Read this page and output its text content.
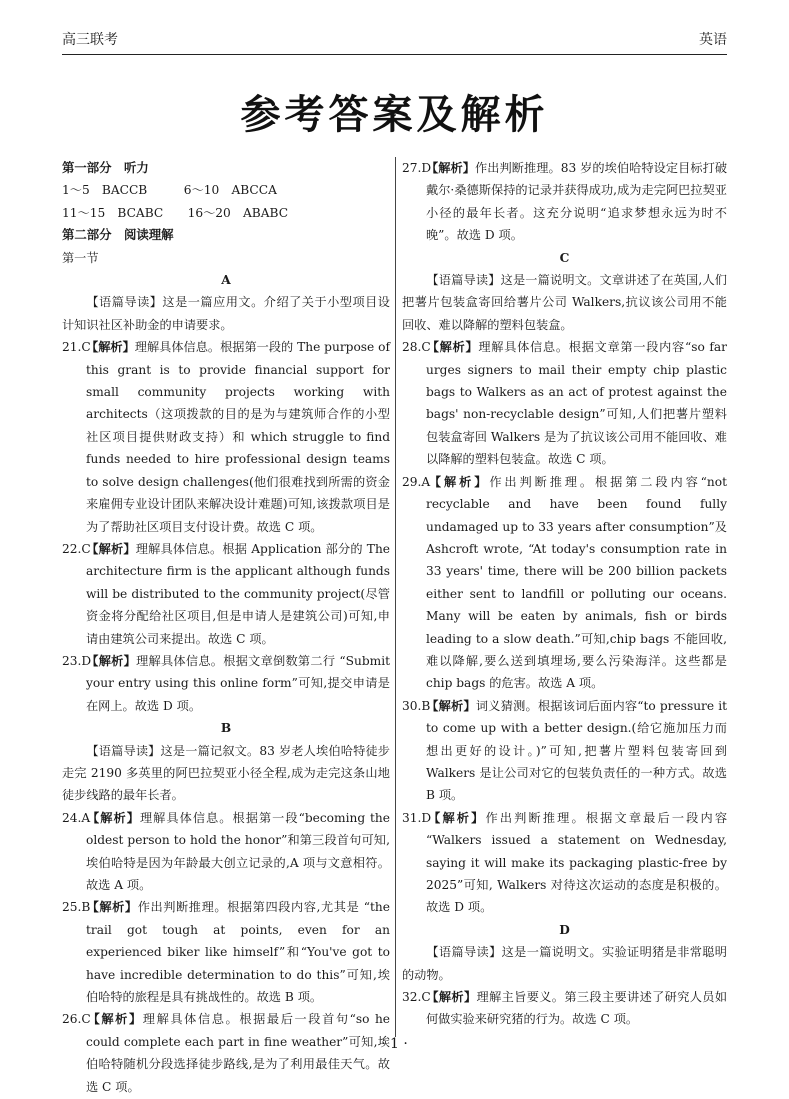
高三联考	英语
参考答案及解析

第一部分　听力

1～5　BACCB　　　6～10　ABCCA

11～15　BCABC　　16～20　ABABC

第二部分　阅读理解

第一节

A

【语篇导读】这是一篇应用文。介绍了关于小型项目设计知识社区补助金的申请要求。

21.C【解析】理解具体信息。根据第一段的 The purpose of this grant is to provide financial support for small community projects working with architects（这项拨款的目的是为与建筑师合作的小型社区项目提供财政支持）和 which struggle to find funds needed to hire professional design teams to solve design challenges(他们很难找到所需的资金来雇佣专业设计团队来解决设计难题)可知,该拨款项目是为了帮助社区项目支付设计费。故选 C 项。

22.C【解析】理解具体信息。根据 Application 部分的 The architecture firm is the applicant although funds will be distributed to the community project(尽管资金将分配给社区项目,但是申请人是建筑公司)可知,申请由建筑公司来提出。故选 C 项。

23.D【解析】理解具体信息。根据文章倒数第二行 “Submit your entry using this online form”可知,提交申请是在网上。故选 D 项。

B

【语篇导读】这是一篇记叙文。83 岁老人埃伯哈特徒步走完 2190 多英里的阿巴拉契亚小径全程,成为走完这条山地徒步线路的最年长者。

24.A【解析】理解具体信息。根据第一段“becoming the oldest person to hold the honor”和第三段首句可知,埃伯哈特是因为年龄最大创立记录的,A 项与文意相符。故选 A 项。

25.B【解析】作出判断推理。根据第四段内容,尤其是 “the trail got tough at points, even for an experienced biker like himself”和“You've got to have incredible determination to do this”可知,埃伯哈特的旅程是具有挑战性的。故选 B 项。

26.C【解析】理解具体信息。根据最后一段首句“so he could complete each part in fine weather”可知,埃伯哈特随机分段选择徒步路线,是为了利用最佳天气。故选 C 项。

27.D【解析】作出判断推理。83 岁的埃伯哈特设定目标打破戴尔·桑德斯保持的记录并获得成功,成为走完阿巴拉契亚小径的最年长者。这充分说明“追求梦想永远为时不晚”。故选 D 项。

C

【语篇导读】这是一篇说明文。文章讲述了在英国,人们把薯片包装盒寄回给薯片公司 Walkers,抗议该公司用不能回收、难以降解的塑料包装盒。

28.C【解析】理解具体信息。根据文章第一段内容“so far urges signers to mail their empty chip plastic bags to Walkers as an act of protest against the bags' non-recyclable design”可知,人们把薯片塑料包装盒寄回 Walkers 是为了抗议该公司用不能回收、难以降解的塑料包装盒。故选 C 项。

29.A【解析】作出判断推理。根据第二段内容“not recyclable and have been found fully undamaged up to 33 years after consumption”及 Ashcroft wrote, “At today's consumption rate in 33 years' time, there will be 200 billion packets either sent to landfill or polluting our oceans. Many will be eaten by animals, fish or birds leading to a slow death.”可知,chip bags 不能回收,难以降解,要么送到填埋场,要么污染海洋。这些都是 chip bags 的危害。故选 A 项。

30.B【解析】词义猜测。根据该词后面内容“to pressure it to come up with a better design.(给它施加压力而想出更好的设计。)”可知,把薯片塑料包装寄回到 Walkers 是让公司对它的包装负责任的一种方式。故选 B 项。

31.D【解析】作出判断推理。根据文章最后一段内容 “Walkers issued a statement on Wednesday, saying it will make its packaging plastic-free by 2025”可知, Walkers 对待这次运动的态度是积极的。故选 D 项。

D

【语篇导读】这是一篇说明文。实验证明猪是非常聪明的动物。

32.C【解析】理解主旨要义。第三段主要讲述了研究人员如何做实验来研究猪的行为。故选 C 项。

· 1 ·
